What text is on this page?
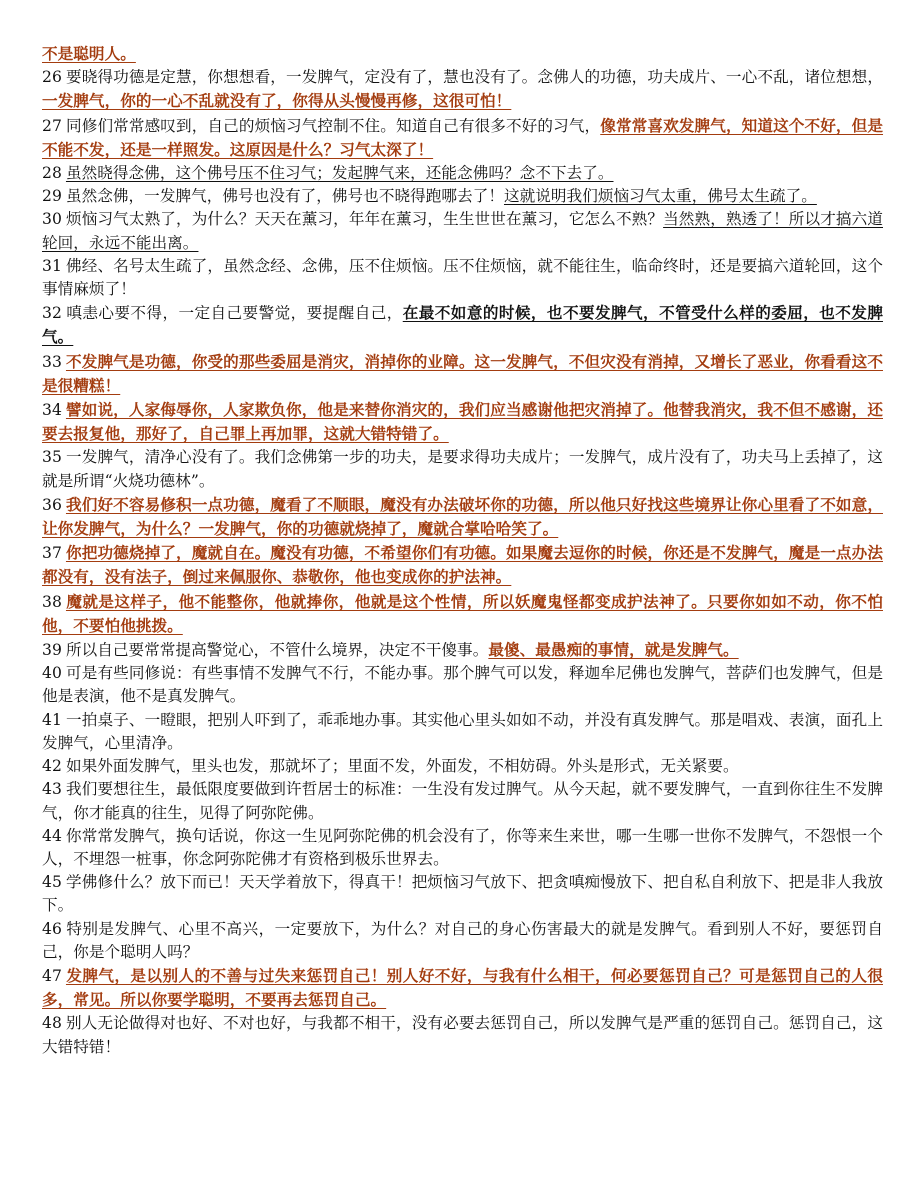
不是聪明人。

26 要晓得功德是定慧，你想想看，一发脾气，定没有了，慧也没有了。念佛人的功德，功夫成片、一心不乱，诸位想想，一发脾气，你的一心不乱就没有了，你得从头慢慢再修，这很可怕！

27 同修们常常感叹到，自己的烦恼习气控制不住。知道自己有很多不好的习气，像常常喜欢发脾气，知道这个不好，但是不能不发，还是一样照发。这原因是什么？习气太深了！

28 虽然晓得念佛，这个佛号压不住习气；发起脾气来，还能念佛吗？念不下去了。

29 虽然念佛，一发脾气，佛号也没有了，佛号也不晓得跑哪去了！这就说明我们烦恼习气太重，佛号太生疏了。

30 烦恼习气太熟了，为什么？天天在薰习，年年在薰习，生生世世在薰习，它怎么不熟？当然熟，熟透了！所以才搞六道轮回，永远不能出离。

31 佛经、名号太生疏了，虽然念经、念佛，压不住烦恼。压不住烦恼，就不能往生，临命终时，还是要搞六道轮回，这个事情麻烦了！

32 嗔恚心要不得，一定自己要警觉，要提醒自己，在最不如意的时候，也不要发脾气，不管受什么样的委屈，也不发脾气。

33 不发脾气是功德，你受的那些委屈是消灾，消掉你的业障。这一发脾气，不但灾没有消掉，又增长了恶业，你看看这不是很糟糕！

34 譬如说，人家侮辱你，人家欺负你，他是来替你消灾的，我们应当感谢他把灾消掉了。他替我消灾，我不但不感谢，还要去报复他，那好了，自己罪上再加罪，这就大错特错了。

35 一发脾气，清净心没有了。我们念佛第一步的功夫，是要求得功夫成片；一发脾气，成片没有了，功夫马上丢掉了，这就是所谓“火烧功德林”。

36 我们好不容易修积一点功德，魔看了不顺眼，魔没有办法破坏你的功德，所以他只好找这些境界让你心里看了不如意，让你发脾气，为什么？一发脾气，你的功德就烧掉了，魔就合掌哈哈笑了。

37 你把功德烧掉了，魔就自在。魔没有功德，不希望你们有功德。如果魔去逗你的时候，你还是不发脾气，魔是一点办法都没有，没有法子，倒过来佩服你、恭敬你，他也变成你的护法神。

38 魔就是这样子，他不能整你，他就捧你，他就是这个性情，所以妖魔鬼怪都变成护法神了。只要你如如不动，你不怕他，不要怕他挑拨。

39 所以自己要常常提高警觉心，不管什么境界，决定不干傻事。最傻、最愚痴的事情，就是发脾气。

40 可是有些同修说：有些事情不发脾气不行，不能办事。那个脾气可以发，释迦牟尼佛也发脾气，菩萨们也发脾气，但是他是表演，他不是真发脾气。

41 一拍桌子、一瞪眼，把别人吓到了，乖乖地办事。其实他心里头如如不动，并没有真发脾气。那是唱戏、表演，面孔上发脾气，心里清净。

42 如果外面发脾气，里头也发，那就坏了；里面不发，外面发，不相妨碍。外头是形式，无关紧要。

43 我们要想往生，最低限度要做到许哲居士的标准：一生没有发过脾气。从今天起，就不要发脾气，一直到你往生不发脾气，你才能真的往生，见得了阿弥陀佛。

44 你常常发脾气，换句话说，你这一生见阿弥陀佛的机会没有了，你等来生来世，哪一生哪一世你不发脾气，不怨恨一个人，不埋怨一桩事，你念阿弥陀佛才有资格到极乐世界去。

45 学佛修什么？放下而已！天天学着放下，得真干！把烦恼习气放下、把贪嗔痴慢放下、把自私自利放下、把是非人我放下。

46 特别是发脾气、心里不高兴，一定要放下，为什么？对自己的身心伤害最大的就是发脾气。看到别人不好，要惩罚自己，你是个聪明人吗？

47 发脾气，是以别人的不善与过失来惩罚自己！别人好不好，与我有什么相干，何必要惩罚自己？可是惩罚自己的人很多，常见。所以你要学聪明，不要再去惩罚自己。

48 别人无论做得对也好、不对也好，与我都不相干，没有必要去惩罚自己，所以发脾气是严重的惩罚自己。惩罚自己，这大错特错！
